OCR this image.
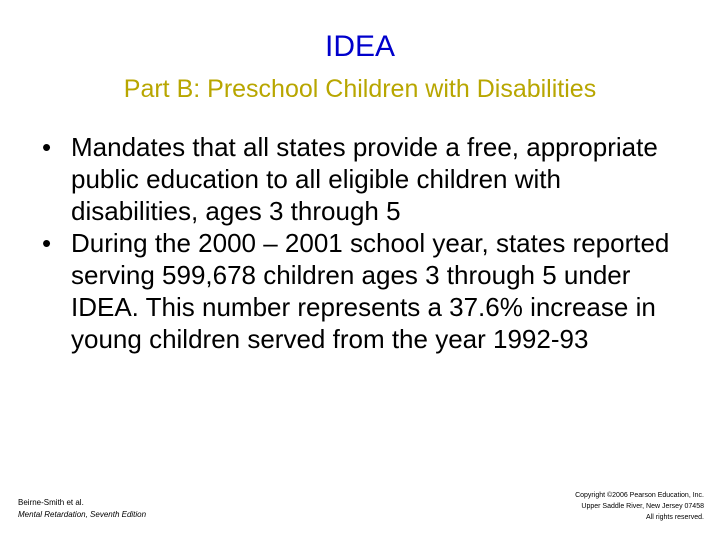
IDEA
Part B: Preschool Children with Disabilities
• Mandates that all states provide a free, appropriate public education to all eligible children with disabilities, ages 3 through 5
• During the 2000 – 2001 school year, states reported serving 599,678 children ages 3 through 5 under IDEA. This number represents a 37.6% increase in young children served from the year 1992-93
Beirne-Smith et al.
Mental Retardation, Seventh Edition
Copyright ©2006 Pearson Education, Inc.
Upper Saddle River, New Jersey 07458
All rights reserved.
